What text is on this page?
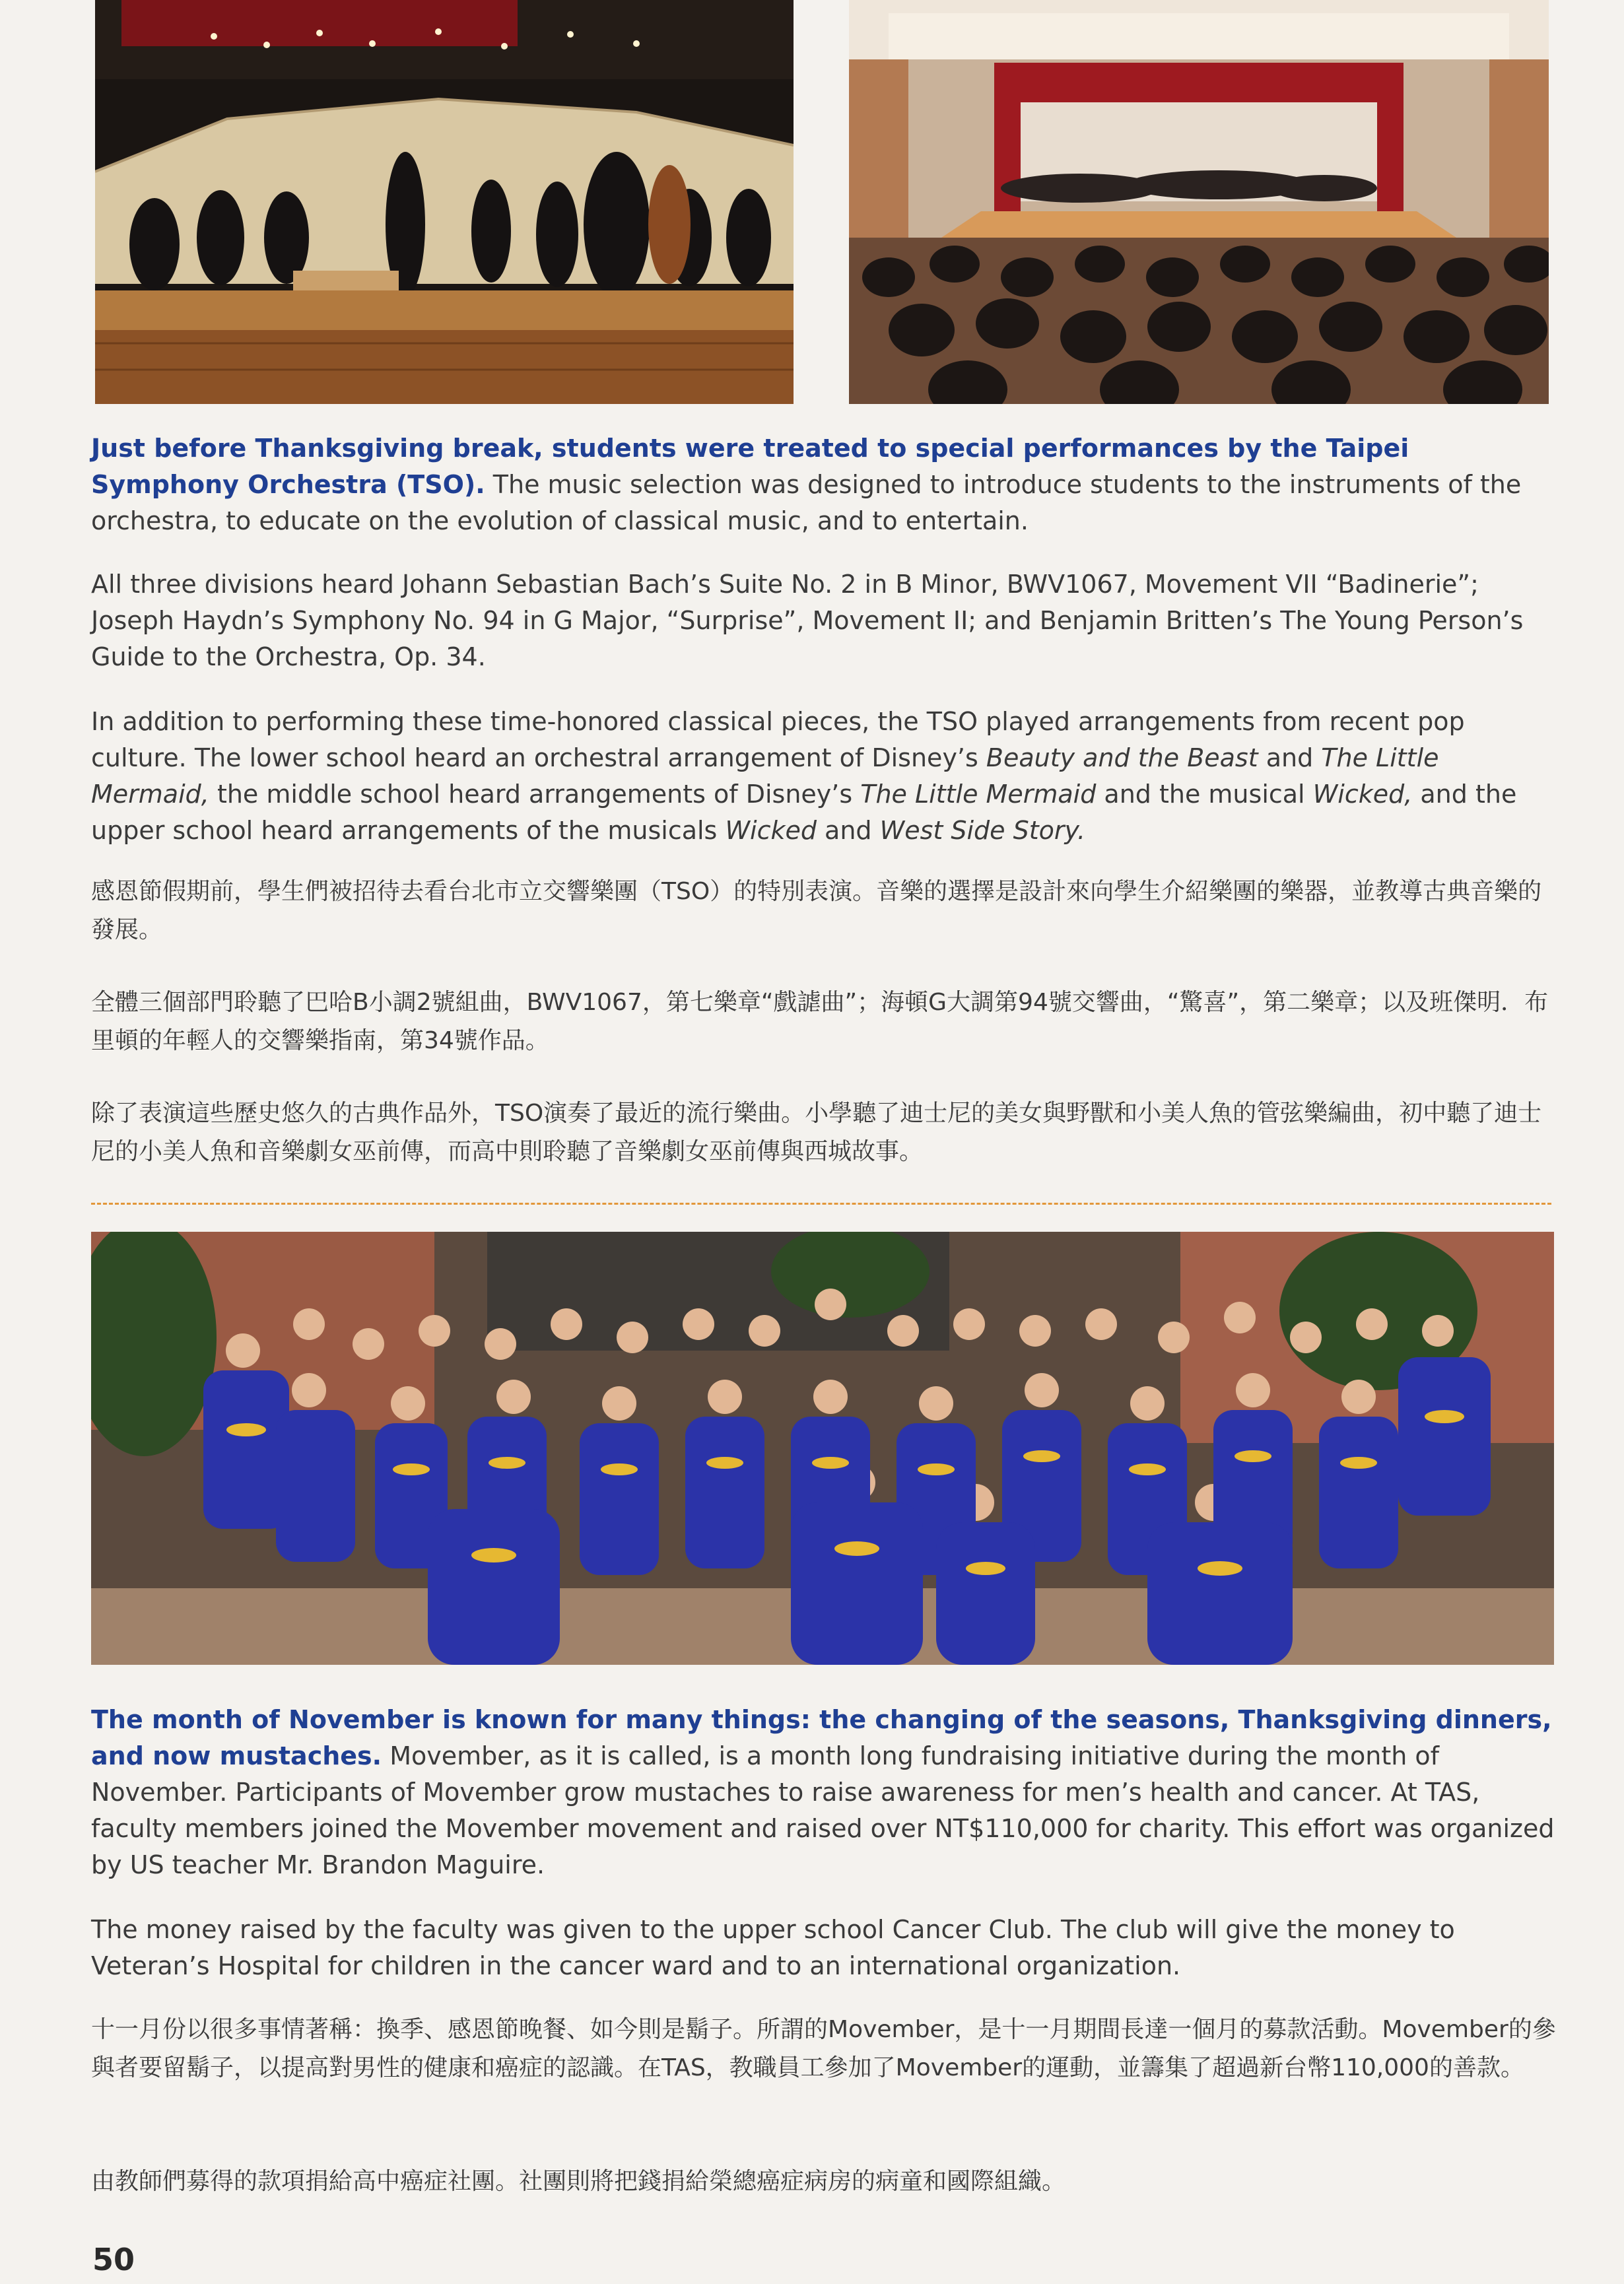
Just before Thanksgiving break, students were treated to special performances by the Taipei Symphony Orchestra (TSO). The music selection was designed to introduce students to the instruments of the orchestra, to educate on the evolution of classical music, and to entertain.

All three divisions heard Johann Sebastian Bach’s Suite No. 2 in B Minor, BWV1067, Movement VII “Badinerie”; Joseph Haydn’s Symphony No. 94 in G Major, “Surprise”, Movement II; and Benjamin Britten’s The Young Person’s Guide to the Orchestra, Op. 34.

In addition to performing these time-honored classical pieces, the TSO played arrangements from recent pop culture. The lower school heard an orchestral arrangement of Disney’s Beauty and the Beast and The Little Mermaid, the middle school heard arrangements of Disney’s The Little Mermaid and the musical Wicked, and the upper school heard arrangements of the musicals Wicked and West Side Story.

感恩節假期前，學生們被招待去看台北市立交響樂團（TSO）的特別表演。音樂的選擇是設計來向學生介紹樂團的樂器，並教導古典音樂的發展。

全體三個部門聆聽了巴哈B小調2號組曲，BWV1067，第七樂章“戲謔曲”；海頓G大調第94號交響曲，“驚喜”，第二樂章；以及班傑明．布里頓的年輕人的交響樂指南，第34號作品。

除了表演這些歷史悠久的古典作品外，TSO演奏了最近的流行樂曲。小學聽了迪士尼的美女與野獸和小美人魚的管弦樂編曲，初中聽了迪士尼的小美人魚和音樂劇女巫前傳，而高中則聆聽了音樂劇女巫前傳與西城故事。

The month of November is known for many things: the changing of the seasons, Thanksgiving dinners, and now mustaches. Movember, as it is called, is a month long fundraising initiative during the month of November. Participants of Movember grow mustaches to raise awareness for men’s health and cancer. At TAS, faculty members joined the Movember movement and raised over NT$110,000 for charity. This effort was organized by US teacher Mr. Brandon Maguire.

The money raised by the faculty was given to the upper school Cancer Club. The club will give the money to Veteran’s Hospital for children in the cancer ward and to an international organization.

十一月份以很多事情著稱：換季、感恩節晚餐、如今則是鬍子。所謂的Movember，是十一月期間長達一個月的募款活動。Movember的參與者要留鬍子，以提高對男性的健康和癌症的認識。在TAS，教職員工參加了Movember的運動，並籌集了超過新台幣110,000的善款。

由教師們募得的款項捐給高中癌症社團。社團則將把錢捐給榮總癌症病房的病童和國際組織。

50
